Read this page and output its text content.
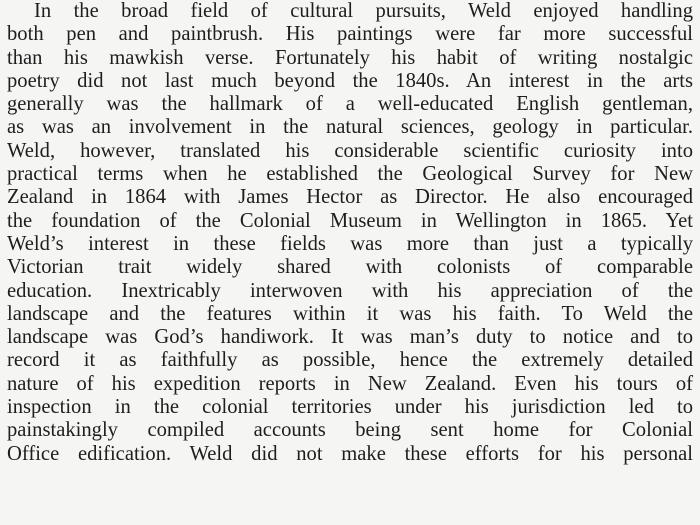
In the broad field of cultural pursuits, Weld enjoyed handling
both pen and paintbrush. His paintings were far more successful
than his mawkish verse. Fortunately his habit of writing nostalgic
poetry did not last much beyond the 1840s. An interest in the arts
generally was the hallmark of a well-educated English gentleman,
as was an involvement in the natural sciences, geology in particular.
Weld, however, translated his considerable scientific curiosity into
practical terms when he established the Geological Survey for New
Zealand in 1864 with James Hector as Director. He also encouraged
the foundation of the Colonial Museum in Wellington in 1865. Yet
Weld’s interest in these fields was more than just a typically
Victorian trait widely shared with colonists of comparable
education. Inextricably interwoven with his appreciation of the
landscape and the features within it was his faith. To Weld the
landscape was God’s handiwork. It was man’s duty to notice and to
record it as faithfully as possible, hence the extremely detailed
nature of his expedition reports in New Zealand. Even his tours of
inspection in the colonial territories under his jurisdiction led to
painstakingly compiled accounts being sent home for Colonial
Office edification. Weld did not make these efforts for his personal
